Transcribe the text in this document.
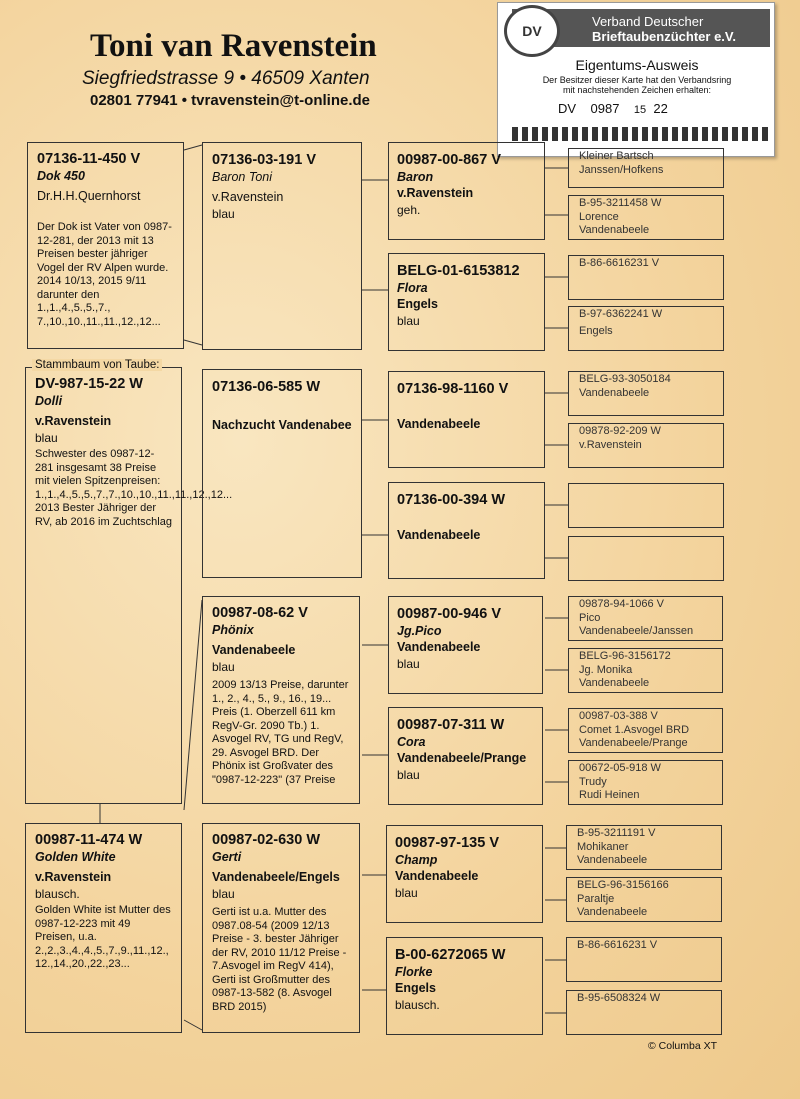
Toni van Ravenstein
Siegfriedstrasse 9 • 46509 Xanten
02801 77941 • tvravenstein@t-online.de
Verband Deutscher
Brieftaubenzüchter e.V.
DV
Eigentums-Ausweis
Der Besitzer dieser Karte hat den Verbandsring
mit nachstehenden Zeichen erhalten:
DV 0987 15 22
07136-11-450 V
Dok 450
Dr.H.H.Quernhorst
Der Dok ist Vater von 0987-12-281, der 2013 mit 13 Preisen bester jähriger Vogel der RV Alpen wurde. 2014 10/13, 2015 9/11 darunter den 1.,1.,4.,5.,5.,7., 7.,10.,10.,11.,11.,12.,12...
DV-987-15-22 W
Dolli
v.Ravenstein
blau
Schwester des 0987-12-281 insgesamt 38 Preise mit vielen Spitzenpreisen: 1.,1.,4.,5.,5.,7.,7.,10.,10.,11.,11.,12.,12... 2013 Bester Jähriger der RV, ab 2016 im Zuchtschlag
Stammbaum von Taube:
00987-11-474 W
Golden White
v.Ravenstein
blausch.
Golden White ist Mutter des 0987-12-223 mit 49 Preisen, u.a. 2.,2.,3.,4.,4.,5.,7.,9.,11.,12., 12.,14.,20.,22.,23...
07136-03-191 V
Baron Toni
v.Ravenstein
blau
07136-06-585 W
Nachzucht Vandenabee
00987-08-62 V
Phönix
Vandenabeele
blau
2009 13/13 Preise, darunter 1., 2., 4., 5., 9., 16., 19... Preis (1. Oberzell 611 km RegV-Gr. 2090 Tb.) 1. Asvogel RV, TG und RegV, 29. Asvogel BRD. Der Phönix ist Großvater des "0987-12-223" (37 Preise
00987-02-630 W
Gerti
Vandenabeele/Engels
blau
Gerti ist u.a. Mutter des 0987.08-54 (2009 12/13 Preise - 3. bester Jähriger der RV, 2010 11/12 Preise - 7.Asvogel im RegV 414), Gerti ist Großmutter des 0987-13-582 (8. Asvogel BRD 2015)
00987-00-867 V
Baron
v.Ravenstein
geh.
BELG-01-6153812
Flora
Engels
blau
07136-98-1160 V
Vandenabeele
07136-00-394 W
Vandenabeele
00987-00-946 V
Jg.Pico
Vandenabeele
blau
00987-07-311 W
Cora
Vandenabeele/Prange
blau
00987-97-135 V
Champ
Vandenabeele
blau
B-00-6272065 W
Florke
Engels
blausch.
Kleiner Bartsch
Janssen/Hofkens
B-95-3211458 W
Lorence
Vandenabeele
B-86-6616231 V
B-97-6362241 W
Engels
BELG-93-3050184
Vandenabeele
09878-92-209 W
v.Ravenstein
09878-94-1066 V
Pico
Vandenabeele/Janssen
BELG-96-3156172
Jg. Monika
Vandenabeele
00987-03-388 V
Comet 1.Asvogel BRD
Vandenabeele/Prange
00672-05-918 W
Trudy
Rudi Heinen
B-95-3211191 V
Mohikaner
Vandenabeele
BELG-96-3156166
Paraltje
Vandenabeele
B-86-6616231 V
B-95-6508324 W
© Columba XT
